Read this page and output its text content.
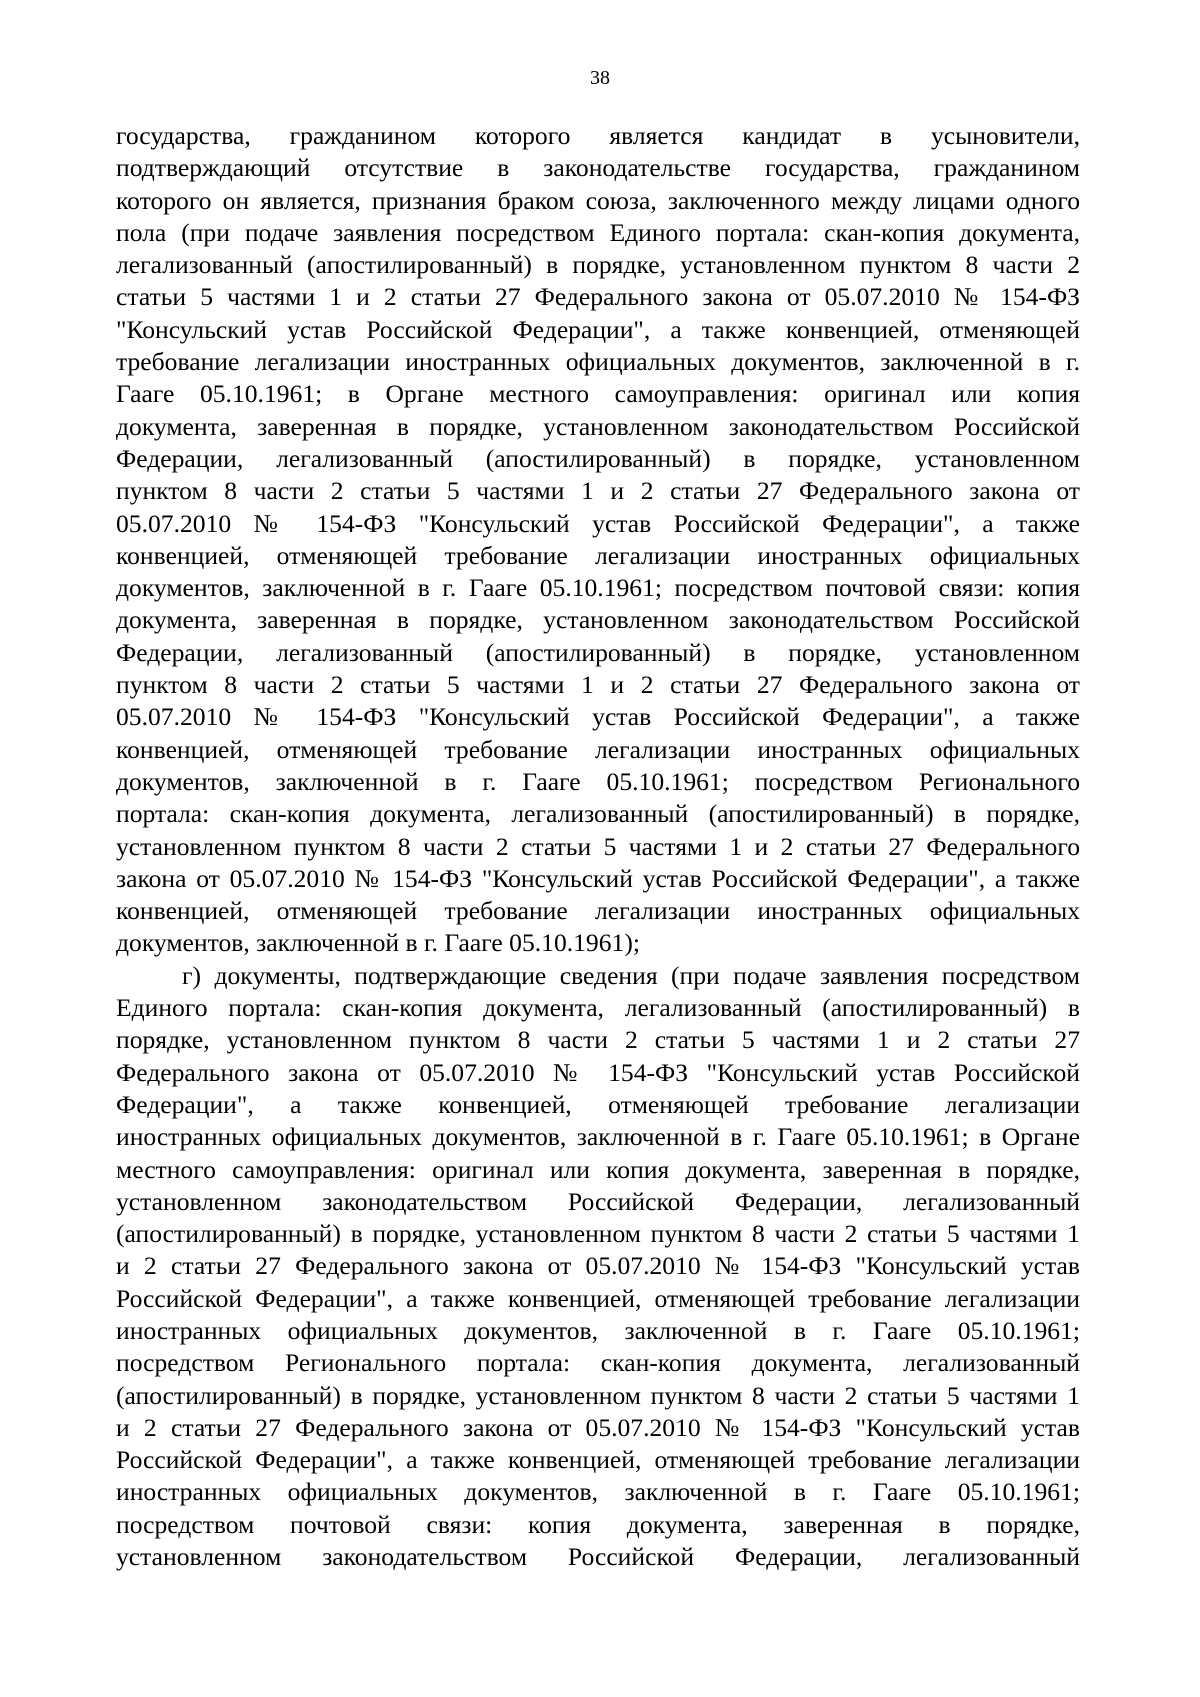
38
государства, гражданином которого является кандидат в усыновители,
подтверждающий отсутствие в законодательстве государства, гражданином
которого он является, признания браком союза, заключенного между лицами одного
пола (при подаче заявления посредством Единого портала: скан-копия документа,
легализованный (апостилированный) в порядке, установленном пунктом 8 части 2
статьи 5 частями 1 и 2 статьи 27 Федерального закона от 05.07.2010 № 154-ФЗ
"Консульский устав Российской Федерации", а также конвенцией, отменяющей
требование легализации иностранных официальных документов, заключенной в г.
Гааге 05.10.1961; в Органе местного самоуправления: оригинал или копия
документа, заверенная в порядке, установленном законодательством Российской
Федерации, легализованный (апостилированный) в порядке, установленном
пунктом 8 части 2 статьи 5 частями 1 и 2 статьи 27 Федерального закона от
05.07.2010 № 154-ФЗ "Консульский устав Российской Федерации", а также
конвенцией, отменяющей требование легализации иностранных официальных
документов, заключенной в г. Гааге 05.10.1961; посредством почтовой связи: копия
документа, заверенная в порядке, установленном законодательством Российской
Федерации, легализованный (апостилированный) в порядке, установленном
пунктом 8 части 2 статьи 5 частями 1 и 2 статьи 27 Федерального закона от
05.07.2010 № 154-ФЗ "Консульский устав Российской Федерации", а также
конвенцией, отменяющей требование легализации иностранных официальных
документов, заключенной в г. Гааге 05.10.1961; посредством Регионального
портала: скан-копия документа, легализованный (апостилированный) в порядке,
установленном пунктом 8 части 2 статьи 5 частями 1 и 2 статьи 27 Федерального
закона от 05.07.2010 № 154-ФЗ "Консульский устав Российской Федерации", а также
конвенцией, отменяющей требование легализации иностранных официальных
документов, заключенной в г. Гааге 05.10.1961);
г) документы, подтверждающие сведения (при подаче заявления посредством
Единого портала: скан-копия документа, легализованный (апостилированный) в
порядке, установленном пунктом 8 части 2 статьи 5 частями 1 и 2 статьи 27
Федерального закона от 05.07.2010 № 154-ФЗ "Консульский устав Российской
Федерации", а также конвенцией, отменяющей требование легализации
иностранных официальных документов, заключенной в г. Гааге 05.10.1961; в Органе
местного самоуправления: оригинал или копия документа, заверенная в порядке,
установленном законодательством Российской Федерации, легализованный
(апостилированный) в порядке, установленном пунктом 8 части 2 статьи 5 частями 1
и 2 статьи 27 Федерального закона от 05.07.2010 № 154-ФЗ "Консульский устав
Российской Федерации", а также конвенцией, отменяющей требование легализации
иностранных официальных документов, заключенной в г. Гааге 05.10.1961;
посредством Регионального портала: скан-копия документа, легализованный
(апостилированный) в порядке, установленном пунктом 8 части 2 статьи 5 частями 1
и 2 статьи 27 Федерального закона от 05.07.2010 № 154-ФЗ "Консульский устав
Российской Федерации", а также конвенцией, отменяющей требование легализации
иностранных официальных документов, заключенной в г. Гааге 05.10.1961;
посредством почтовой связи: копия документа, заверенная в порядке,
установленном законодательством Российской Федерации, легализованный
